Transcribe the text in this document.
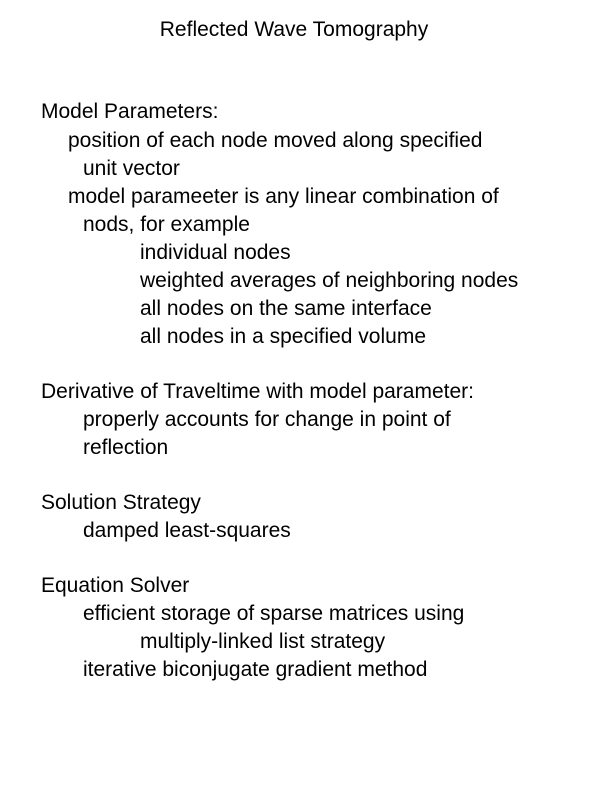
Reflected Wave Tomography
Model Parameters:
position of each node moved along specified
unit vector
model parameeter is any linear combination of
nods, for example
individual nodes
weighted averages of neighboring nodes
all nodes on the same interface
all nodes in a specified volume
Derivative of Traveltime with model parameter:
properly accounts for change in point of
reflection
Solution Strategy
damped least-squares
Equation Solver
efficient storage of sparse matrices using
multiply-linked list strategy
iterative biconjugate gradient method
